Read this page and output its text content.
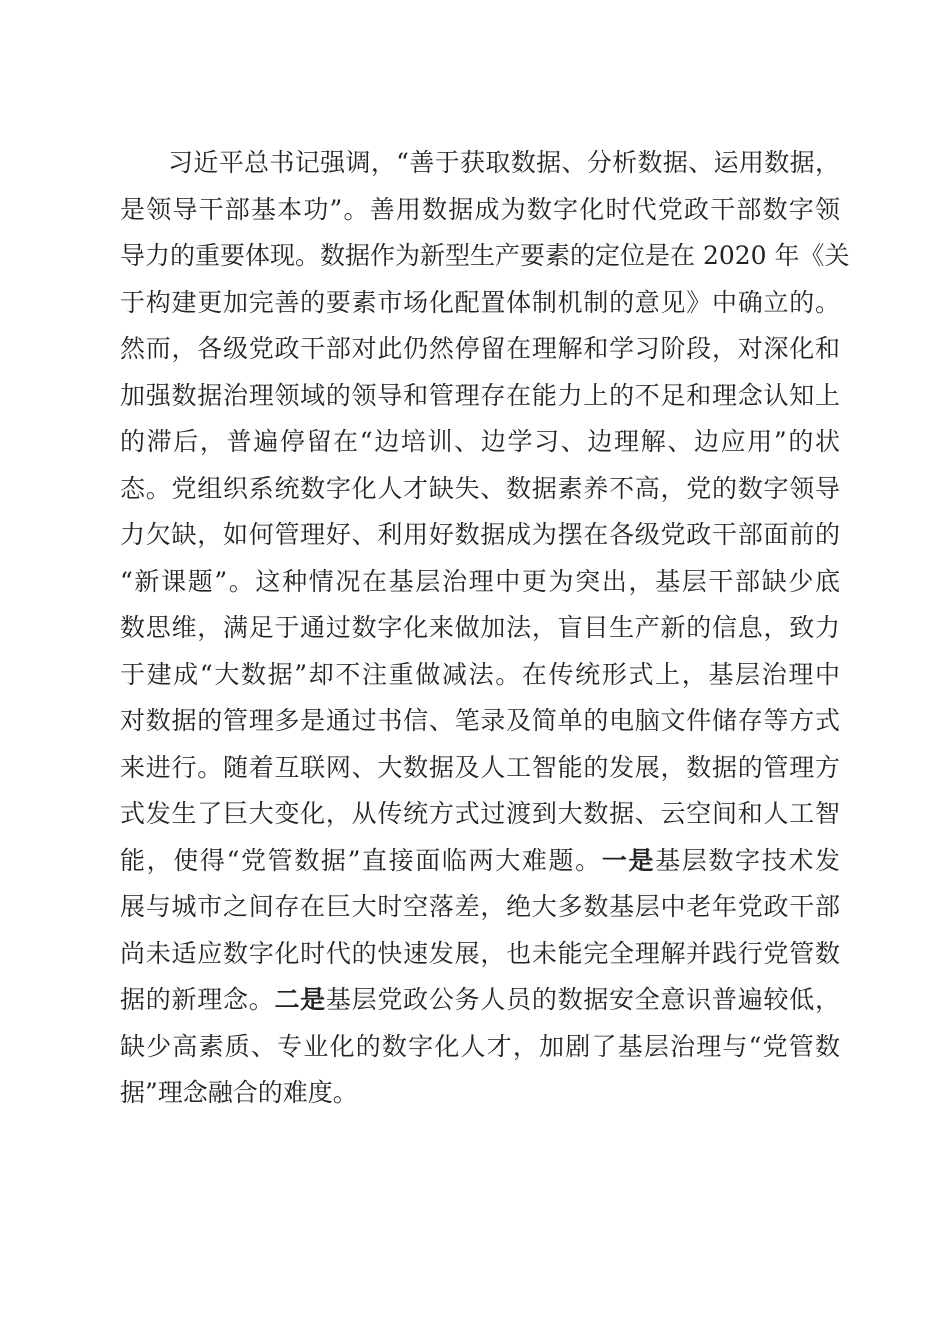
习近平总书记强调，“善于获取数据、分析数据、运用数据，
是领导干部基本功”。善用数据成为数字化时代党政干部数字领
导力的重要体现。数据作为新型生产要素的定位是在 2020 年《关
于构建更加完善的要素市场化配置体制机制的意见》中确立的。
然而，各级党政干部对此仍然停留在理解和学习阶段，对深化和
加强数据治理领域的领导和管理存在能力上的不足和理念认知上
的滞后，普遍停留在“边培训、边学习、边理解、边应用”的状
态。党组织系统数字化人才缺失、数据素养不高，党的数字领导
力欠缺，如何管理好、利用好数据成为摆在各级党政干部面前的
“新课题”。这种情况在基层治理中更为突出，基层干部缺少底
数思维，满足于通过数字化来做加法，盲目生产新的信息，致力
于建成“大数据”却不注重做减法。在传统形式上，基层治理中
对数据的管理多是通过书信、笔录及简单的电脑文件储存等方式
来进行。随着互联网、大数据及人工智能的发展，数据的管理方
式发生了巨大变化，从传统方式过渡到大数据、云空间和人工智
能，使得“党管数据”直接面临两大难题。一是基层数字技术发
展与城市之间存在巨大时空落差，绝大多数基层中老年党政干部
尚未适应数字化时代的快速发展，也未能完全理解并践行党管数
据的新理念。二是基层党政公务人员的数据安全意识普遍较低，
缺少高素质、专业化的数字化人才，加剧了基层治理与“党管数
据”理念融合的难度。
